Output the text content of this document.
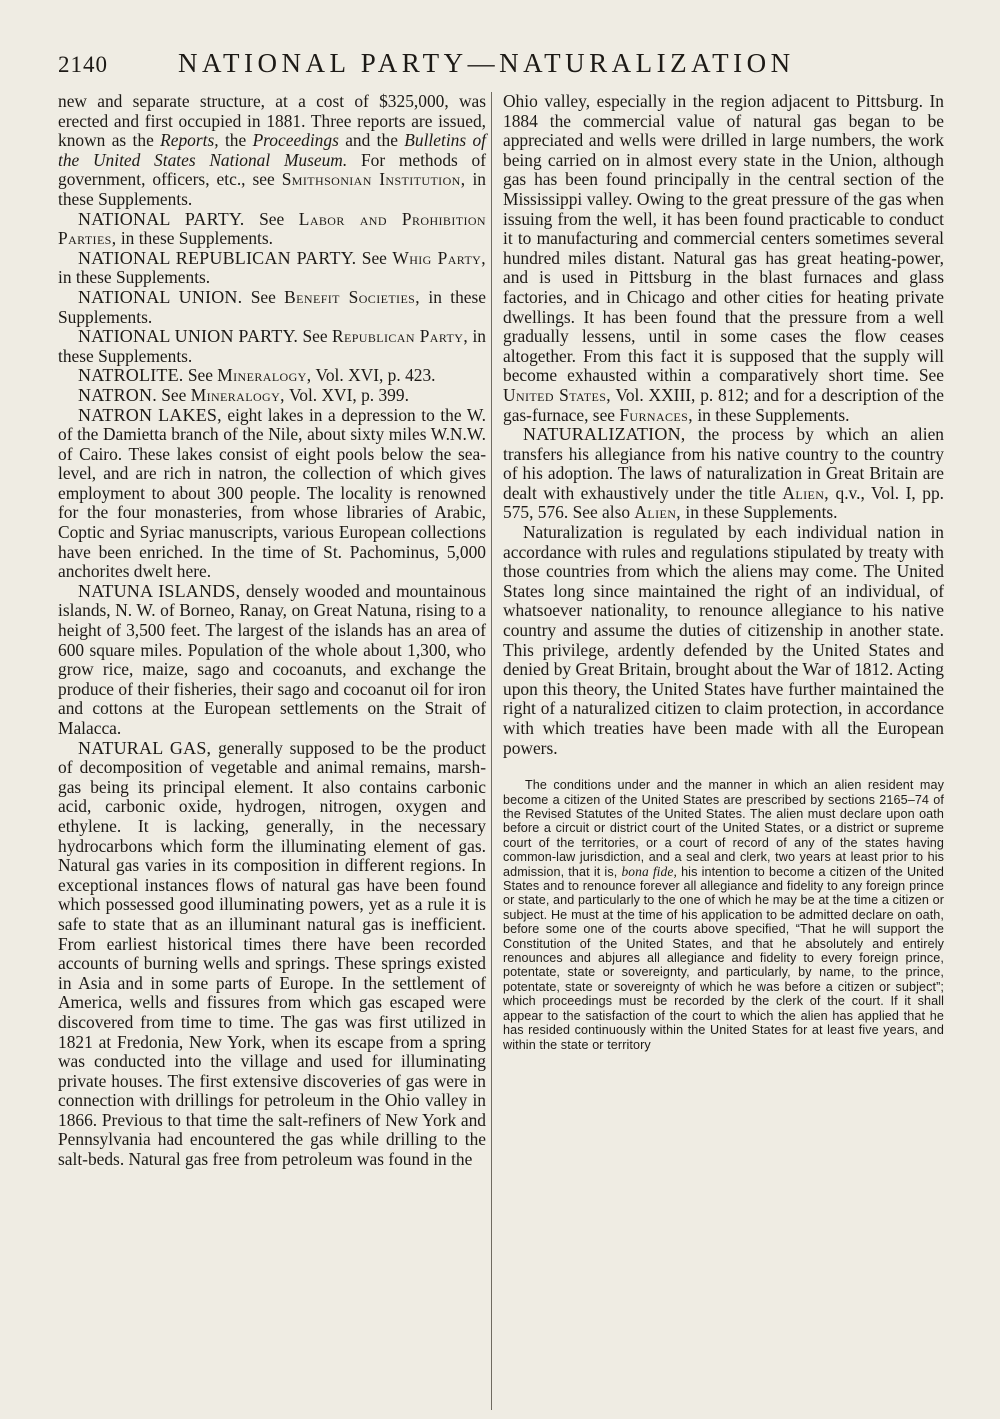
2140	NATIONAL PARTY—NATURALIZATION

new and separate structure, at a cost of $325,000, was erected and first occupied in 1881. Three reports are issued, known as the Reports, the Proceedings and the Bulletins of the United States National Museum. For methods of government, officers, etc., see Smithsonian Institution, in these Supplements.

NATIONAL PARTY. See Labor and Prohibition Parties, in these Supplements.

NATIONAL REPUBLICAN PARTY. See Whig Party, in these Supplements.

NATIONAL UNION. See Benefit Societies, in these Supplements.

NATIONAL UNION PARTY. See Republican Party, in these Supplements.

NATROLITE. See Mineralogy, Vol. XVI, p. 423.

NATRON. See Mineralogy, Vol. XVI, p. 399.

NATRON LAKES, eight lakes in a depression to the W. of the Damietta branch of the Nile, about sixty miles W.N.W. of Cairo. These lakes consist of eight pools below the sea-level, and are rich in natron, the collection of which gives employment to about 300 people. The locality is renowned for the four monasteries, from whose libraries of Arabic, Coptic and Syriac manuscripts, various European collections have been enriched. In the time of St. Pachominus, 5,000 anchorites dwelt here.

NATUNA ISLANDS, densely wooded and mountainous islands, N. W. of Borneo, Ranay, on Great Natuna, rising to a height of 3,500 feet. The largest of the islands has an area of 600 square miles. Population of the whole about 1,300, who grow rice, maize, sago and cocoanuts, and exchange the produce of their fisheries, their sago and cocoanut oil for iron and cottons at the European settlements on the Strait of Malacca.

NATURAL GAS, generally supposed to be the product of decomposition of vegetable and animal remains, marsh-gas being its principal element. It also contains carbonic acid, carbonic oxide, hydrogen, nitrogen, oxygen and ethylene. It is lacking, generally, in the necessary hydrocarbons which form the illuminating element of gas. Natural gas varies in its composition in different regions. In exceptional instances flows of natural gas have been found which possessed good illuminating powers, yet as a rule it is safe to state that as an illuminant natural gas is inefficient. From earliest historical times there have been recorded accounts of burning wells and springs. These springs existed in Asia and in some parts of Europe. In the settlement of America, wells and fissures from which gas escaped were discovered from time to time. The gas was first utilized in 1821 at Fredonia, New York, when its escape from a spring was conducted into the village and used for illuminating private houses. The first extensive discoveries of gas were in connection with drillings for petroleum in the Ohio valley in 1866. Previous to that time the salt-refiners of New York and Pennsylvania had encountered the gas while drilling to the salt-beds. Natural gas free from petroleum was found in the

Ohio valley, especially in the region adjacent to Pittsburg. In 1884 the commercial value of natural gas began to be appreciated and wells were drilled in large numbers, the work being carried on in almost every state in the Union, although gas has been found principally in the central section of the Mississippi valley. Owing to the great pressure of the gas when issuing from the well, it has been found practicable to conduct it to manufacturing and commercial centers sometimes several hundred miles distant. Natural gas has great heating-power, and is used in Pittsburg in the blast furnaces and glass factories, and in Chicago and other cities for heating private dwellings. It has been found that the pressure from a well gradually lessens, until in some cases the flow ceases altogether. From this fact it is supposed that the supply will become exhausted within a comparatively short time. See United States, Vol. XXIII, p. 812; and for a description of the gas-furnace, see Furnaces, in these Supplements.

NATURALIZATION, the process by which an alien transfers his allegiance from his native country to the country of his adoption. The laws of naturalization in Great Britain are dealt with exhaustively under the title Alien, q.v., Vol. I, pp. 575, 576. See also Alien, in these Supplements.

Naturalization is regulated by each individual nation in accordance with rules and regulations stipulated by treaty with those countries from which the aliens may come. The United States long since maintained the right of an individual, of whatsoever nationality, to renounce allegiance to his native country and assume the duties of citizenship in another state. This privilege, ardently defended by the United States and denied by Great Britain, brought about the War of 1812. Acting upon this theory, the United States have further maintained the right of a naturalized citizen to claim protection, in accordance with which treaties have been made with all the European powers.

The conditions under and the manner in which an alien resident may become a citizen of the United States are prescribed by sections 2165–74 of the Revised Statutes of the United States. The alien must declare upon oath before a circuit or district court of the United States, or a district or supreme court of the territories, or a court of record of any of the states having common-law jurisdiction, and a seal and clerk, two years at least prior to his admission, that it is, bona fide, his intention to become a citizen of the United States and to renounce forever all allegiance and fidelity to any foreign prince or state, and particularly to the one of which he may be at the time a citizen or subject. He must at the time of his application to be admitted declare on oath, before some one of the courts above specified, “That he will support the Constitution of the United States, and that he absolutely and entirely renounces and abjures all allegiance and fidelity to every foreign prince, potentate, state or sovereignty, and particularly, by name, to the prince, potentate, state or sovereignty of which he was before a citizen or subject”; which proceedings must be recorded by the clerk of the court. If it shall appear to the satisfaction of the court to which the alien has applied that he has resided continuously within the United States for at least five years, and within the state or territory
